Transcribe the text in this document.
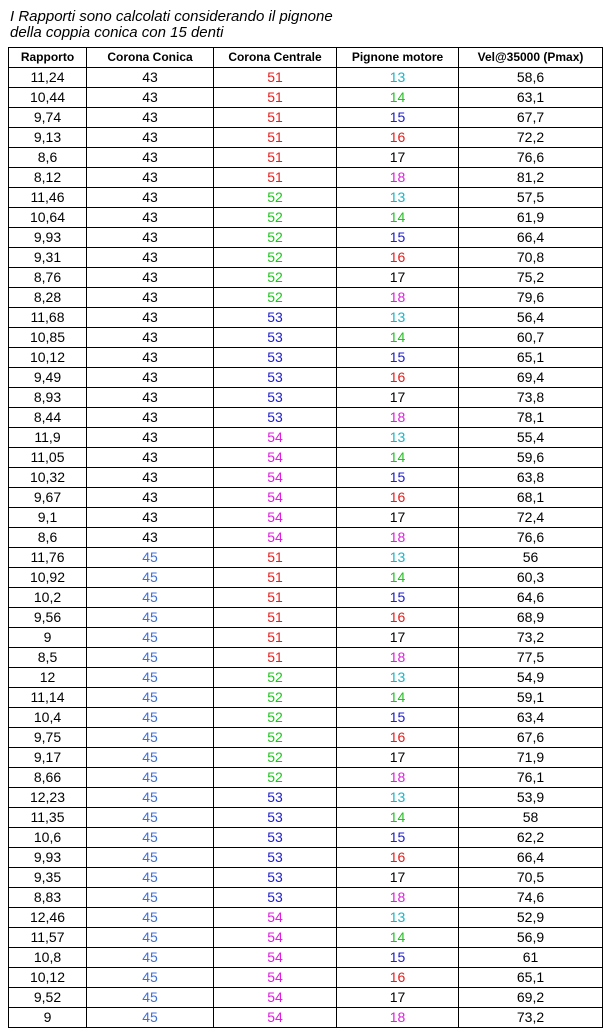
I Rapporti sono calcolati considerando il pignone
della coppia conica con 15 denti
Rapporto	Corona Conica	Corona Centrale	Pignone motore	Vel@35000 (Pmax)
11,24	43	51	13	58,6
10,44	43	51	14	63,1
9,74	43	51	15	67,7
9,13	43	51	16	72,2
8,6	43	51	17	76,6
8,12	43	51	18	81,2
11,46	43	52	13	57,5
10,64	43	52	14	61,9
9,93	43	52	15	66,4
9,31	43	52	16	70,8
8,76	43	52	17	75,2
8,28	43	52	18	79,6
11,68	43	53	13	56,4
10,85	43	53	14	60,7
10,12	43	53	15	65,1
9,49	43	53	16	69,4
8,93	43	53	17	73,8
8,44	43	53	18	78,1
11,9	43	54	13	55,4
11,05	43	54	14	59,6
10,32	43	54	15	63,8
9,67	43	54	16	68,1
9,1	43	54	17	72,4
8,6	43	54	18	76,6
11,76	45	51	13	56
10,92	45	51	14	60,3
10,2	45	51	15	64,6
9,56	45	51	16	68,9
9	45	51	17	73,2
8,5	45	51	18	77,5
12	45	52	13	54,9
11,14	45	52	14	59,1
10,4	45	52	15	63,4
9,75	45	52	16	67,6
9,17	45	52	17	71,9
8,66	45	52	18	76,1
12,23	45	53	13	53,9
11,35	45	53	14	58
10,6	45	53	15	62,2
9,93	45	53	16	66,4
9,35	45	53	17	70,5
8,83	45	53	18	74,6
12,46	45	54	13	52,9
11,57	45	54	14	56,9
10,8	45	54	15	61
10,12	45	54	16	65,1
9,52	45	54	17	69,2
9	45	54	18	73,2
